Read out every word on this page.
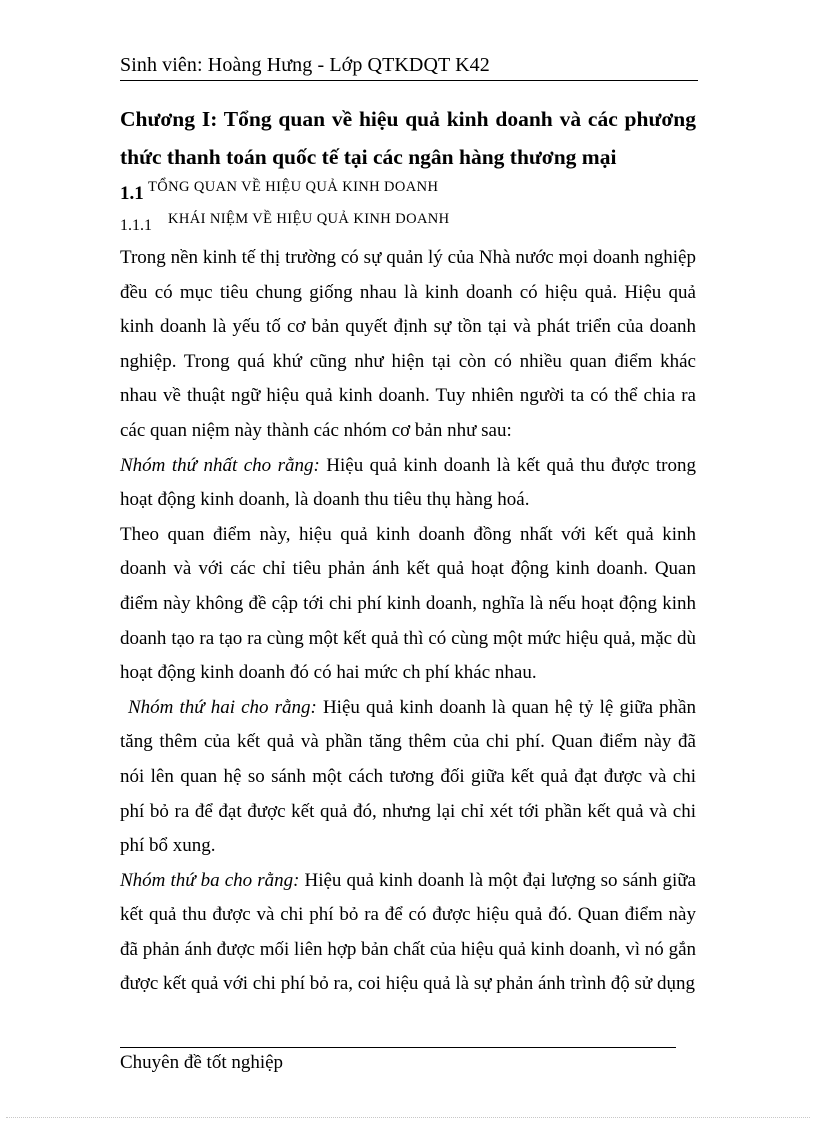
Sinh viên: Hoàng Hưng - Lớp QTKDQT K42
Chương I: Tổng quan về hiệu quả kinh doanh và các phương thức thanh toán quốc tế tại các ngân hàng thương mại
1.1 TỔNG QUAN VỀ HIỆU QUẢ KINH DOANH
1.1.1 KHÁI NIỆM VỀ HIỆU QUẢ KINH DOANH

Trong nền kinh tế thị trường có sự quản lý của Nhà nước mọi doanh nghiệp đều có mục tiêu chung giống nhau là kinh doanh có hiệu quả. Hiệu quả kinh doanh là yếu tố cơ bản quyết định sự tồn tại và phát triển của doanh nghiệp. Trong quá khứ cũng như hiện tại còn có nhiều quan điểm khác nhau về thuật ngữ hiệu quả kinh doanh. Tuy nhiên người ta có thể chia ra các quan niệm này thành các nhóm cơ bản như sau:

Nhóm thứ nhất cho rằng: Hiệu quả kinh doanh là kết quả thu được trong hoạt động kinh doanh, là doanh thu tiêu thụ hàng hoá.

Theo quan điểm này, hiệu quả kinh doanh đồng nhất với kết quả kinh doanh và với các chỉ tiêu phản ánh kết quả hoạt động kinh doanh. Quan điểm này không đề cập tới chi phí kinh doanh, nghĩa là nếu hoạt động kinh doanh tạo ra tạo ra cùng một kết quả thì có cùng một mức hiệu quả, mặc dù hoạt động kinh doanh đó có hai mức ch phí khác nhau.

Nhóm thứ hai cho rằng: Hiệu quả kinh doanh là quan hệ tỷ lệ giữa phần tăng thêm của kết quả và phần tăng thêm của chi phí. Quan điểm này đã nói lên quan hệ so sánh một cách tương đối giữa kết quả đạt được và chi phí bỏ ra để đạt được kết quả đó, nhưng lại chỉ xét tới phần kết quả và chi phí bổ xung.

Nhóm thứ ba cho rằng: Hiệu quả kinh doanh là một đại lượng so sánh giữa kết quả thu được và chi phí bỏ ra để có được hiệu quả đó. Quan điểm này đã phản ánh được mối liên hợp bản chất của hiệu quả kinh doanh, vì nó gắn được kết quả với chi phí bỏ ra, coi hiệu quả là sự phản ánh trình độ sử dụng

Chuyên đề tốt nghiệp
